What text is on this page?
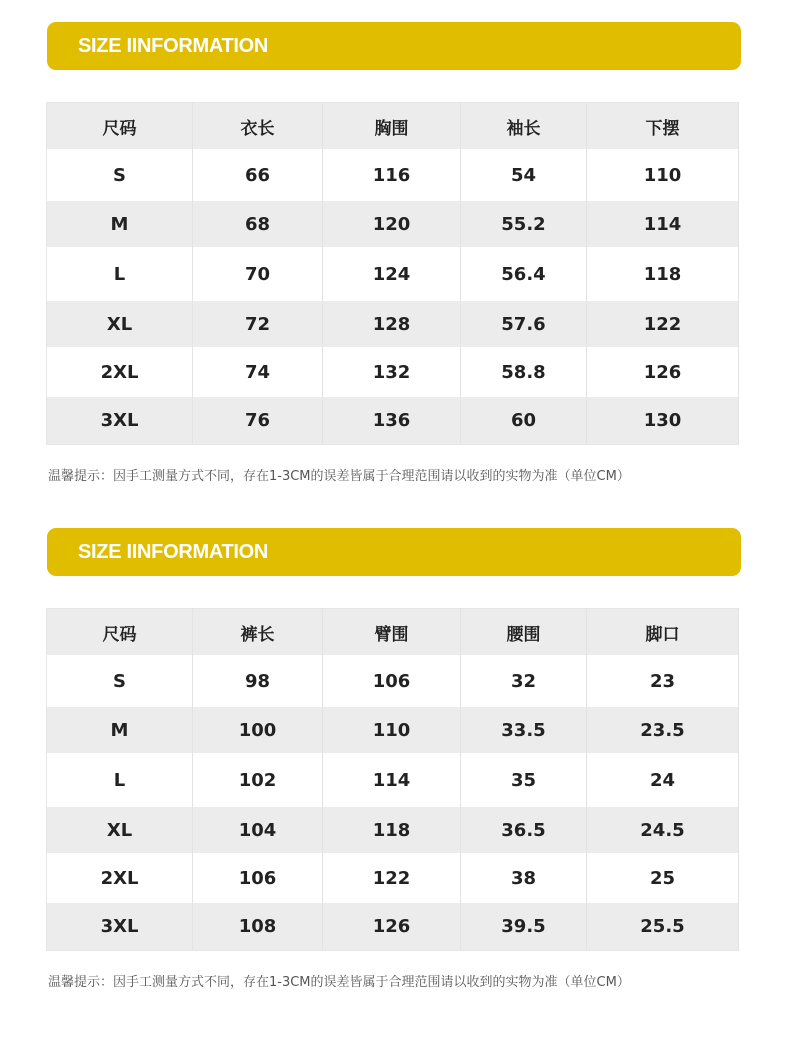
SIZE IINFORMATION
尺码	衣长	胸围	袖长	下摆
S	66	116	54	110
M	68	120	55.2	114
L	70	124	56.4	118
XL	72	128	57.6	122
2XL	74	132	58.8	126
3XL	76	136	60	130
温馨提示：因手工测量方式不同，存在1-3CM的误差皆属于合理范围请以收到的实物为准（单位CM）
SIZE IINFORMATION
尺码	裤长	臂围	腰围	脚口
S	98	106	32	23
M	100	110	33.5	23.5
L	102	114	35	24
XL	104	118	36.5	24.5
2XL	106	122	38	25
3XL	108	126	39.5	25.5
温馨提示：因手工测量方式不同，存在1-3CM的误差皆属于合理范围请以收到的实物为准（单位CM）
